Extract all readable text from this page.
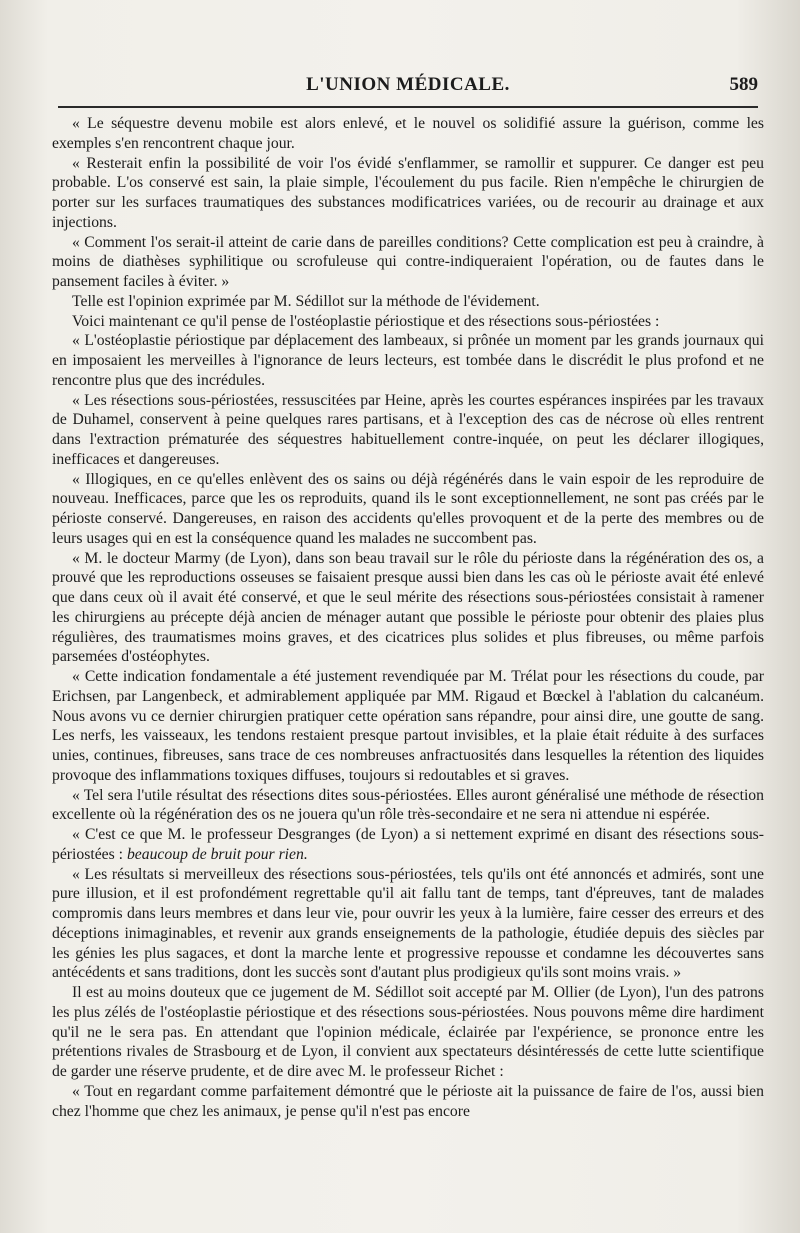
L'UNION MÉDICALE.	589

« Le séquestre devenu mobile est alors enlevé, et le nouvel os solidifié assure la guérison, comme les exemples s'en rencontrent chaque jour.

« Resterait enfin la possibilité de voir l'os évidé s'enflammer, se ramollir et suppurer. Ce danger est peu probable. L'os conservé est sain, la plaie simple, l'écoulement du pus facile. Rien n'empêche le chirurgien de porter sur les surfaces traumatiques des substances modificatrices variées, ou de recourir au drainage et aux injections.

« Comment l'os serait-il atteint de carie dans de pareilles conditions? Cette complication est peu à craindre, à moins de diathèses syphilitique ou scrofuleuse qui contre-indiqueraient l'opération, ou de fautes dans le pansement faciles à éviter. »

Telle est l'opinion exprimée par M. Sédillot sur la méthode de l'évidement.

Voici maintenant ce qu'il pense de l'ostéoplastie périostique et des résections sous-périostées :

« L'ostéoplastie périostique par déplacement des lambeaux, si prônée un moment par les grands journaux qui en imposaient les merveilles à l'ignorance de leurs lecteurs, est tombée dans le discrédit le plus profond et ne rencontre plus que des incrédules.

« Les résections sous-périostées, ressuscitées par Heine, après les courtes espérances inspirées par les travaux de Duhamel, conservent à peine quelques rares partisans, et à l'exception des cas de nécrose où elles rentrent dans l'extraction prématurée des séquestres habituellement contre-inquée, on peut les déclarer illogiques, inefficaces et dangereuses.

« Illogiques, en ce qu'elles enlèvent des os sains ou déjà régénérés dans le vain espoir de les reproduire de nouveau. Inefficaces, parce que les os reproduits, quand ils le sont exceptionnellement, ne sont pas créés par le périoste conservé. Dangereuses, en raison des accidents qu'elles provoquent et de la perte des membres ou de leurs usages qui en est la conséquence quand les malades ne succombent pas.

« M. le docteur Marmy (de Lyon), dans son beau travail sur le rôle du périoste dans la régénération des os, a prouvé que les reproductions osseuses se faisaient presque aussi bien dans les cas où le périoste avait été enlevé que dans ceux où il avait été conservé, et que le seul mérite des résections sous-périostées consistait à ramener les chirurgiens au précepte déjà ancien de ménager autant que possible le périoste pour obtenir des plaies plus régulières, des traumatismes moins graves, et des cicatrices plus solides et plus fibreuses, ou même parfois parsemées d'ostéophytes.

« Cette indication fondamentale a été justement revendiquée par M. Trélat pour les résections du coude, par Erichsen, par Langenbeck, et admirablement appliquée par MM. Rigaud et Bœckel à l'ablation du calcanéum. Nous avons vu ce dernier chirurgien pratiquer cette opération sans répandre, pour ainsi dire, une goutte de sang. Les nerfs, les vaisseaux, les tendons restaient presque partout invisibles, et la plaie était réduite à des surfaces unies, continues, fibreuses, sans trace de ces nombreuses anfractuosités dans lesquelles la rétention des liquides provoque des inflammations toxiques diffuses, toujours si redoutables et si graves.

« Tel sera l'utile résultat des résections dites sous-périostées. Elles auront généralisé une méthode de résection excellente où la régénération des os ne jouera qu'un rôle très-secondaire et ne sera ni attendue ni espérée.

« C'est ce que M. le professeur Desgranges (de Lyon) a si nettement exprimé en disant des résections sous-périostées : beaucoup de bruit pour rien.

« Les résultats si merveilleux des résections sous-périostées, tels qu'ils ont été annoncés et admirés, sont une pure illusion, et il est profondément regrettable qu'il ait fallu tant de temps, tant d'épreuves, tant de malades compromis dans leurs membres et dans leur vie, pour ouvrir les yeux à la lumière, faire cesser des erreurs et des déceptions inimaginables, et revenir aux grands enseignements de la pathologie, étudiée depuis des siècles par les génies les plus sagaces, et dont la marche lente et progressive repousse et condamne les découvertes sans antécédents et sans traditions, dont les succès sont d'autant plus prodigieux qu'ils sont moins vrais. »

Il est au moins douteux que ce jugement de M. Sédillot soit accepté par M. Ollier (de Lyon), l'un des patrons les plus zélés de l'ostéoplastie périostique et des résections sous-périostées. Nous pouvons même dire hardiment qu'il ne le sera pas. En attendant que l'opinion médicale, éclairée par l'expérience, se prononce entre les prétentions rivales de Strasbourg et de Lyon, il convient aux spectateurs désintéressés de cette lutte scientifique de garder une réserve prudente, et de dire avec M. le professeur Richet :

« Tout en regardant comme parfaitement démontré que le périoste ait la puissance de faire de l'os, aussi bien chez l'homme que chez les animaux, je pense qu'il n'est pas encore
